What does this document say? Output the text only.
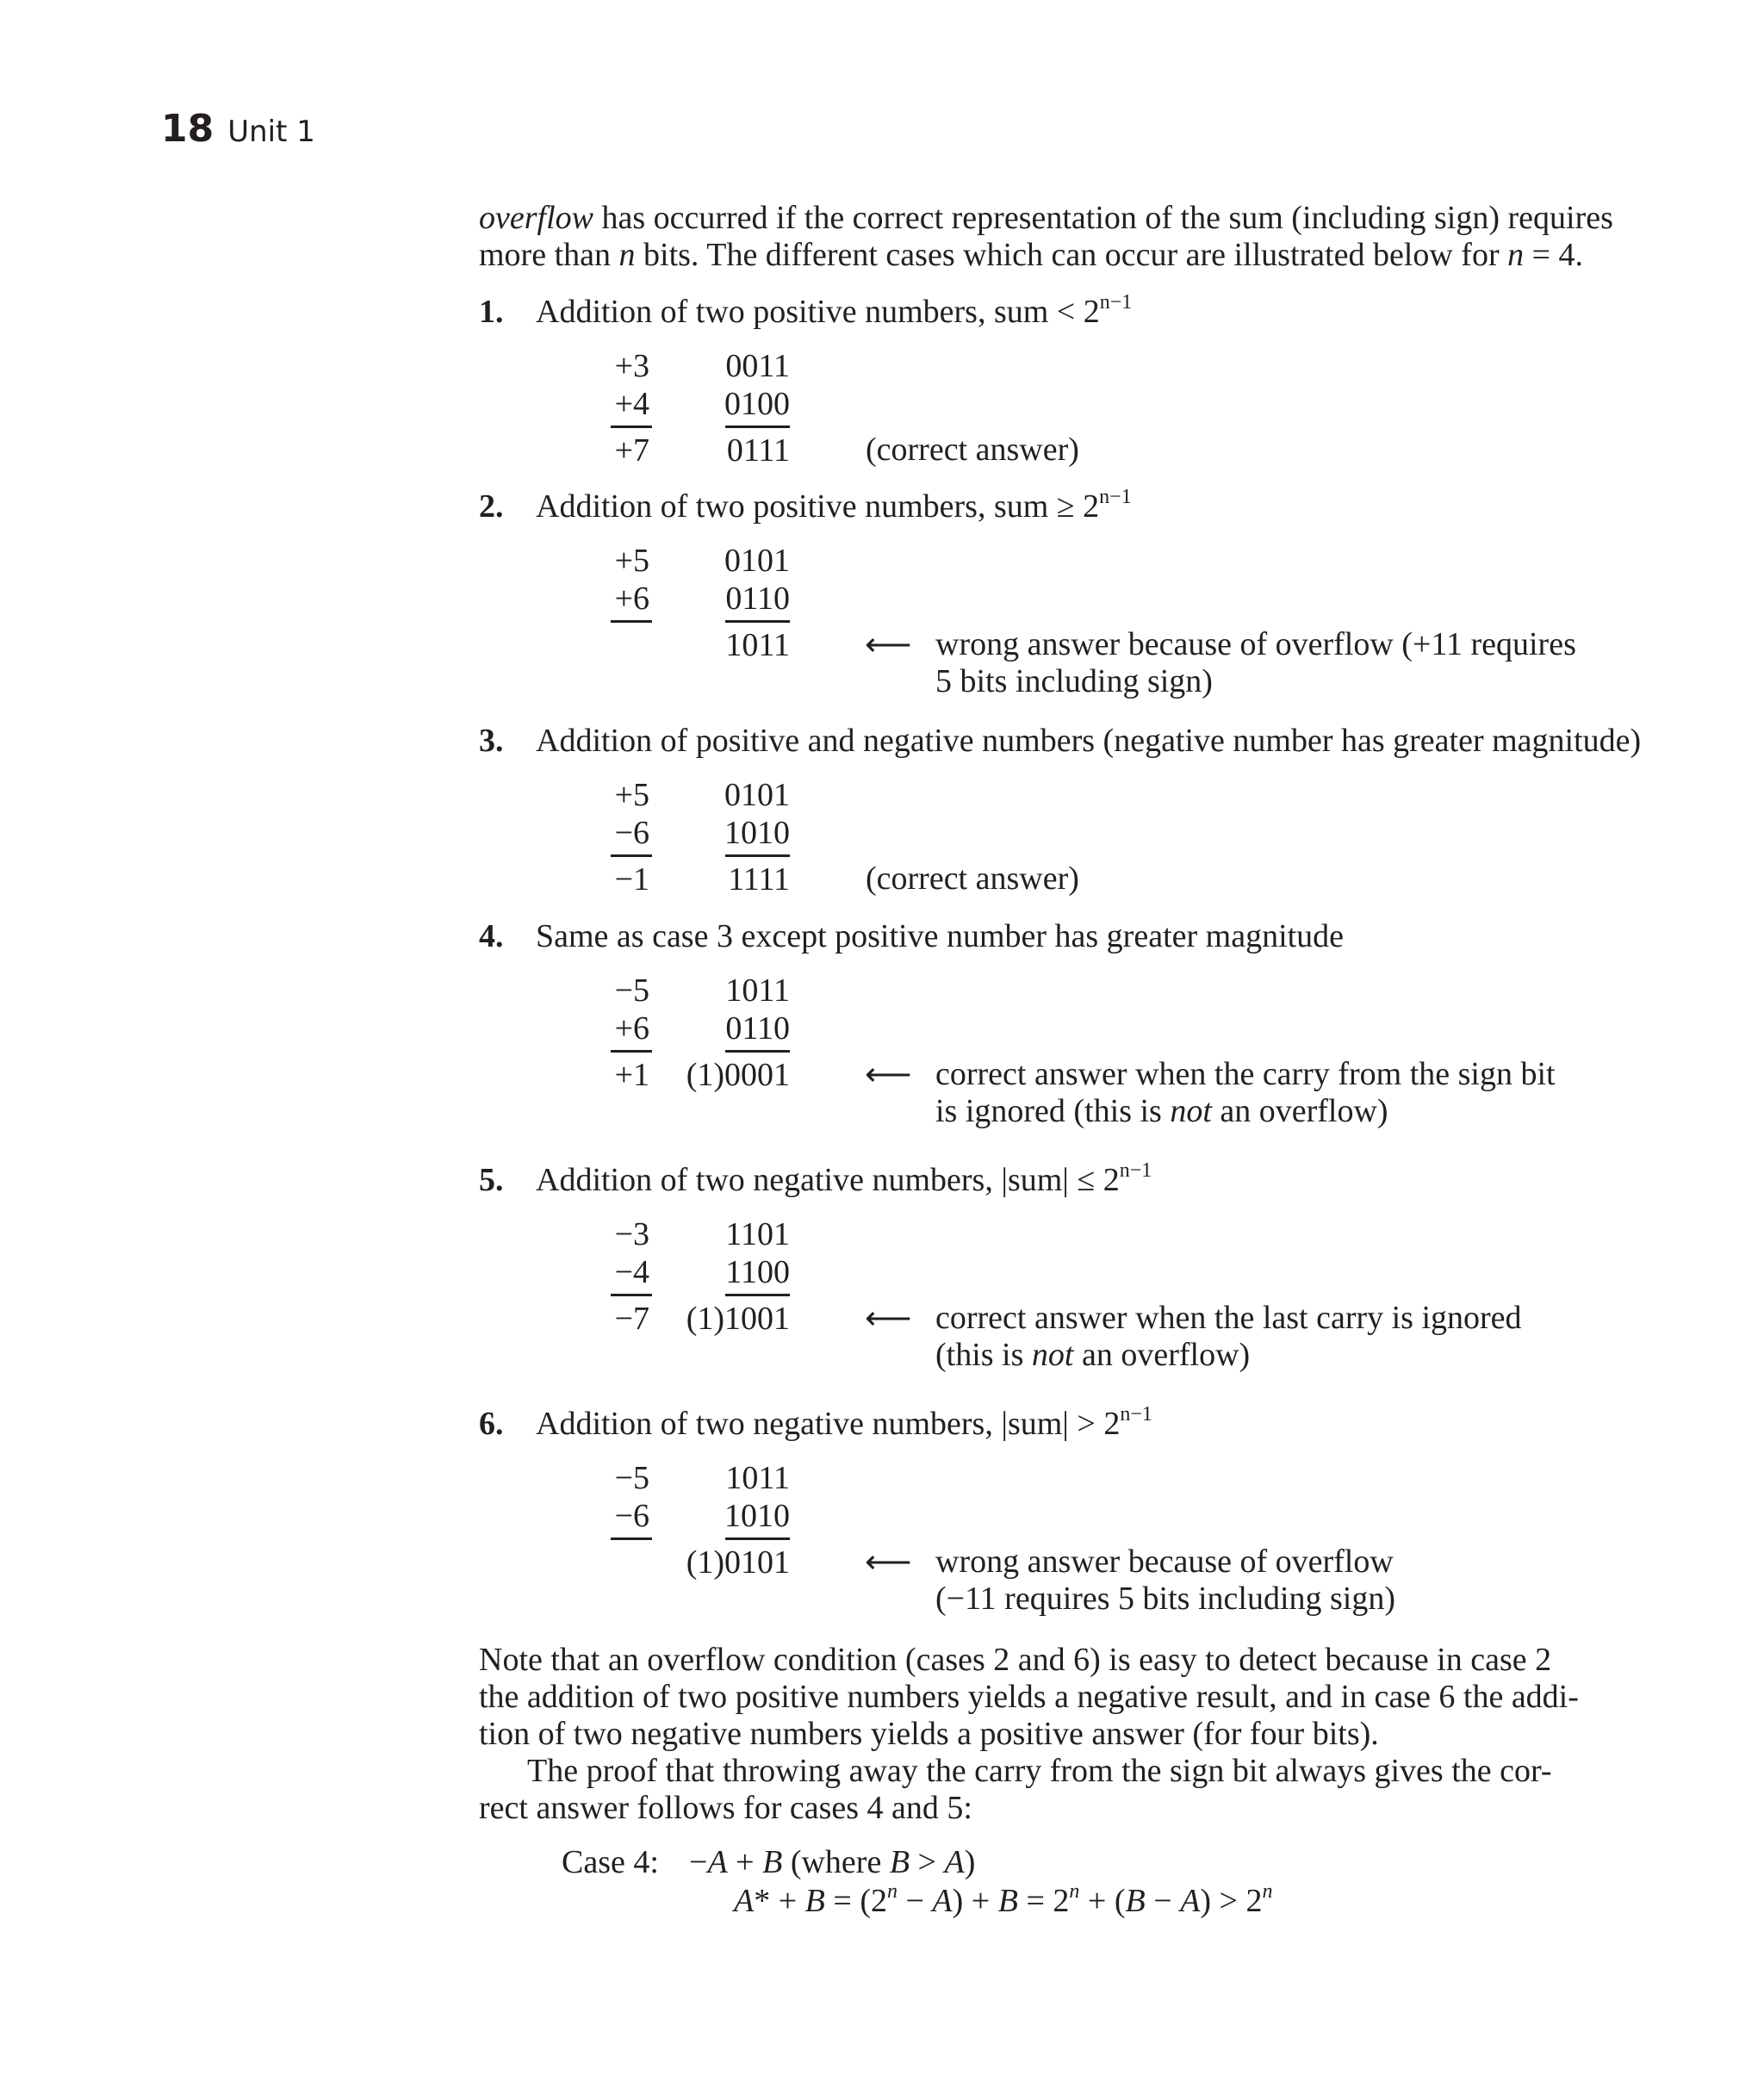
18 Unit 1
overflow has occurred if the correct representation of the sum (including sign) requires
more than n bits. The different cases which can occur are illustrated below for n = 4.
1. Addition of two positive numbers, sum < $2^{n-1}$
+3
+4
+7
0011
0100
0111 (correct answer)
2. Addition of two positive numbers, sum ≥ $2^{n-1}$
+5
+6
0101
0110
1011 ⟵ wrong answer because of overflow (+11 requires
5 bits including sign)
3. Addition of positive and negative numbers (negative number has greater magnitude)
+5
−6
−1
0101
1010
1111 (correct answer)
4. Same as case 3 except positive number has greater magnitude
−5
+6
+1
1011
0110
(1)0001 ⟵ correct answer when the carry from the sign bit
is ignored (this is not an overflow)
5. Addition of two negative numbers, $|sum| \le 2^{n-1}$
−3
−4
−7
1101
1100
(1)1001 ⟵ correct answer when the last carry is ignored
(this is not an overflow)
6. Addition of two negative numbers, $|sum| > 2^{n-1}$
−5
−6
1011
1010
(1)0101 ⟵ wrong answer because of overflow
(−11 requires 5 bits including sign)
Note that an overflow condition (cases 2 and 6) is easy to detect because in case 2
the addition of two positive numbers yields a negative result, and in case 6 the addi-
tion of two negative numbers yields a positive answer (for four bits).
The proof that throwing away the carry from the sign bit always gives the cor-
rect answer follows for cases 4 and 5:
Case 4: −A + B (where B > A)
$A* + B = (2^n - A) + B = 2^n + (B - A) > 2^n$
